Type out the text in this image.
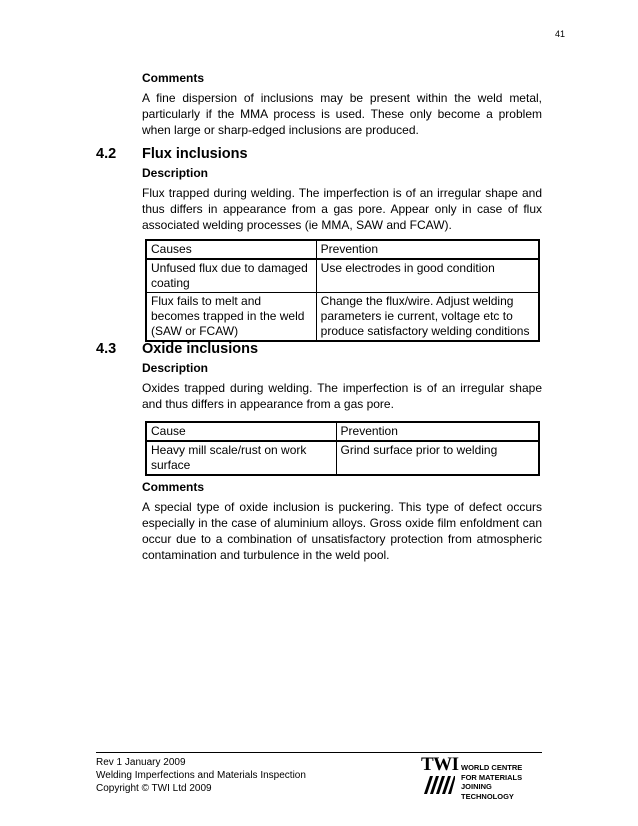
41
Comments
A fine dispersion of inclusions may be present within the weld metal, particularly if the MMA process is used. These only become a problem when large or sharp-edged inclusions are produced.
4.2 Flux inclusions
Description
Flux trapped during welding. The imperfection is of an irregular shape and thus differs in appearance from a gas pore. Appear only in case of flux associated welding processes (ie MMA, SAW and FCAW).
Causes	Prevention
Unfused flux due to damaged coating	Use electrodes in good condition
Flux fails to melt and becomes trapped in the weld (SAW or FCAW)	Change the flux/wire. Adjust welding parameters ie current, voltage etc to produce satisfactory welding conditions
4.3 Oxide inclusions
Description
Oxides trapped during welding. The imperfection is of an irregular shape and thus differs in appearance from a gas pore.
Cause	Prevention
Heavy mill scale/rust on work surface	Grind surface prior to welding
Comments
A special type of oxide inclusion is puckering. This type of defect occurs especially in the case of aluminium alloys. Gross oxide film enfoldment can occur due to a combination of unsatisfactory protection from atmospheric contamination and turbulence in the weld pool.
Rev 1 January 2009
Welding Imperfections and Materials Inspection
Copyright © TWI Ltd 2009
TWI WORLD CENTRE
FOR MATERIALS
JOINING TECHNOLOGY
